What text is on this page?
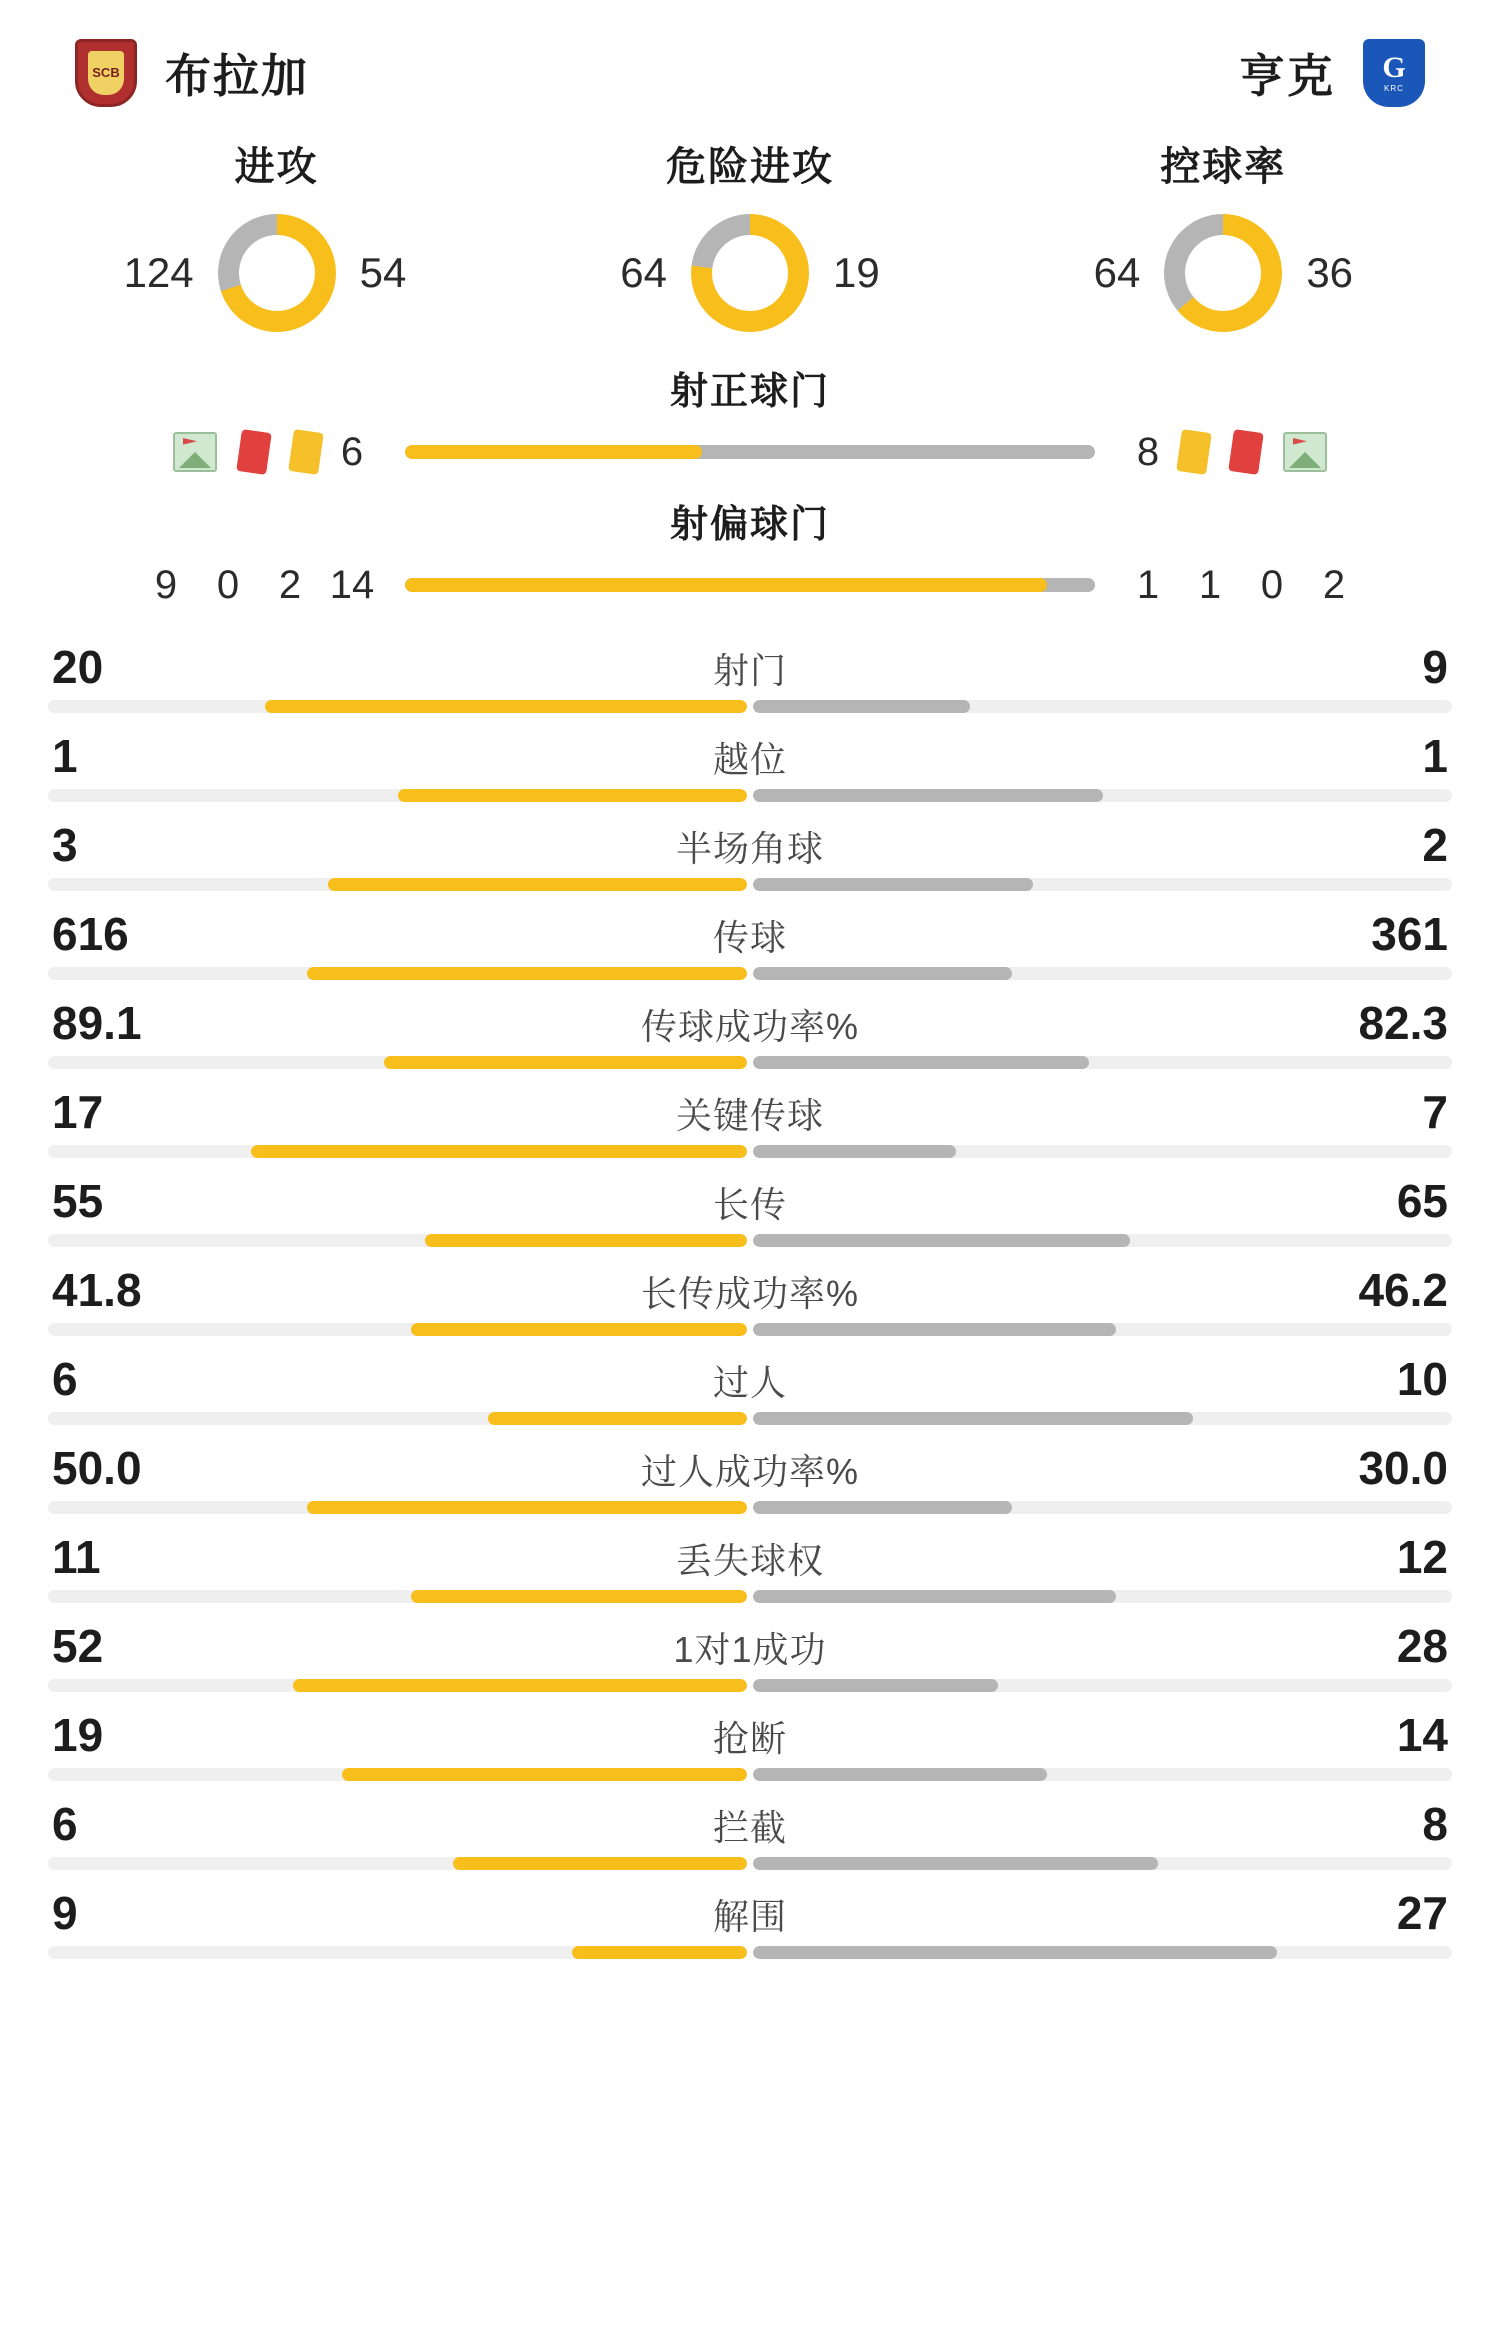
SCB 布拉加	亨克 G
KRC
进攻
124	54
危险进攻
64	19
控球率
64	36
射正球门
6	8
射偏球门
9 0 2 14	1 1 0 2
20	射门	9
1	越位	1
3	半场角球	2
616	传球	361
89.1	传球成功率%	82.3
17	关键传球	7
55	长传	65
41.8	长传成功率%	46.2
6	过人	10
50.0	过人成功率%	30.0
11	丢失球权	12
52	1对1成功	28
19	抢断	14
6	拦截	8
9	解围	27
